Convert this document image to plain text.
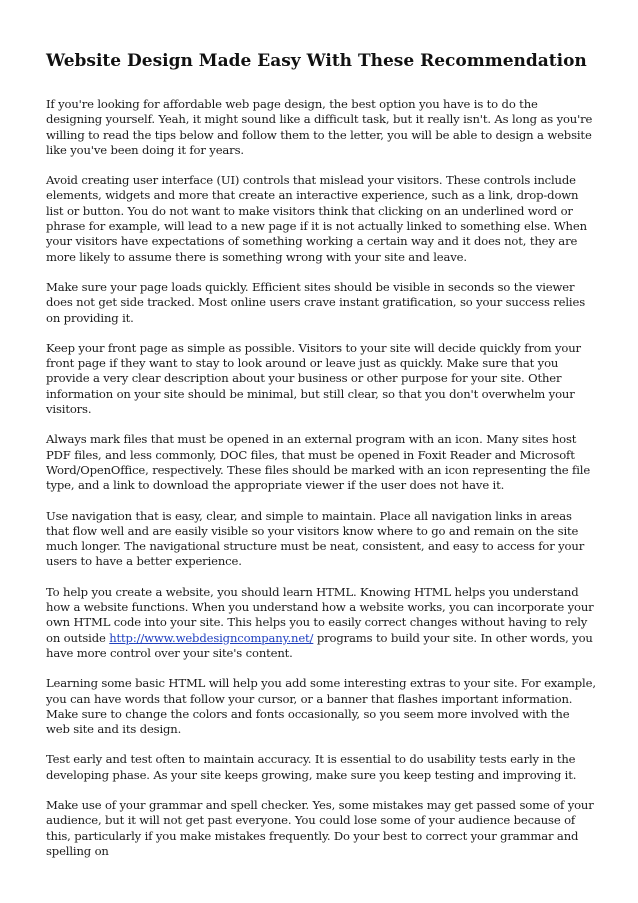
Website Design Made Easy With These Recommendation

If you're looking for affordable web page design, the best option you have is to do the designing yourself. Yeah, it might sound like a difficult task, but it really isn't. As long as you're willing to read the tips below and follow them to the letter, you will be able to design a website like you've been doing it for years.

Avoid creating user interface (UI) controls that mislead your visitors. These controls include elements, widgets and more that create an interactive experience, such as a link, drop-down list or button. You do not want to make visitors think that clicking on an underlined word or phrase for example, will lead to a new page if it is not actually linked to something else. When your visitors have expectations of something working a certain way and it does not, they are more likely to assume there is something wrong with your site and leave.

Make sure your page loads quickly. Efficient sites should be visible in seconds so the viewer does not get side tracked. Most online users crave instant gratification, so your success relies on providing it.

Keep your front page as simple as possible. Visitors to your site will decide quickly from your front page if they want to stay to look around or leave just as quickly. Make sure that you provide a very clear description about your business or other purpose for your site. Other information on your site should be minimal, but still clear, so that you don't overwhelm your visitors.

Always mark files that must be opened in an external program with an icon. Many sites host PDF files, and less commonly, DOC files, that must be opened in Foxit Reader and Microsoft Word/OpenOffice, respectively. These files should be marked with an icon representing the file type, and a link to download the appropriate viewer if the user does not have it.

Use navigation that is easy, clear, and simple to maintain. Place all navigation links in areas that flow well and are easily visible so your visitors know where to go and remain on the site much longer. The navigational structure must be neat, consistent, and easy to access for your users to have a better experience.

To help you create a website, you should learn HTML. Knowing HTML helps you understand how a website functions. When you understand how a website works, you can incorporate your own HTML code into your site. This helps you to easily correct changes without having to rely on outside http://www.webdesigncompany.net/ programs to build your site. In other words, you have more control over your site's content.

Learning some basic HTML will help you add some interesting extras to your site. For example, you can have words that follow your cursor, or a banner that flashes important information. Make sure to change the colors and fonts occasionally, so you seem more involved with the web site and its design.

Test early and test often to maintain accuracy. It is essential to do usability tests early in the developing phase. As your site keeps growing, make sure you keep testing and improving it.

Make use of your grammar and spell checker. Yes, some mistakes may get passed some of your audience, but it will not get past everyone. You could lose some of your audience because of this, particularly if you make mistakes frequently. Do your best to correct your grammar and spelling on
